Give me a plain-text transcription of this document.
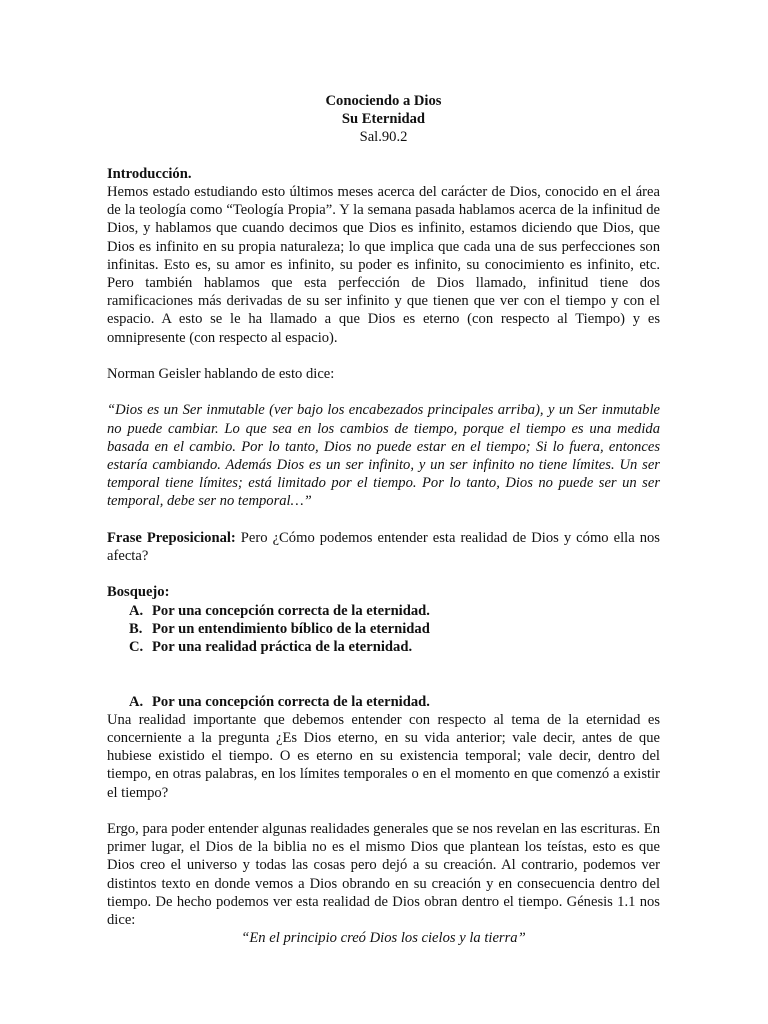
Conociendo a Dios

Su Eternidad

Sal.90.2

Introducción.

Hemos estado estudiando esto últimos meses acerca del carácter de Dios, conocido en el área de la teología como “Teología Propia”. Y la semana pasada hablamos acerca de la infinitud de Dios, y hablamos que cuando decimos que Dios es infinito, estamos diciendo que Dios, que Dios es infinito en su propia naturaleza; lo que implica que cada una de sus perfecciones son infinitas. Esto es, su amor es infinito, su poder es infinito, su conocimiento es infinito, etc. Pero también hablamos que esta perfección de Dios llamado, infinitud tiene dos ramificaciones más derivadas de su ser infinito y que tienen que ver con el tiempo y con el espacio. A esto se le ha llamado a que Dios es eterno (con respecto al Tiempo) y es omnipresente (con respecto al espacio).

Norman Geisler hablando de esto dice:

“Dios es un Ser inmutable (ver bajo los encabezados principales arriba), y un Ser inmutable no puede cambiar. Lo que sea en los cambios de tiempo, porque el tiempo es una medida basada en el cambio. Por lo tanto, Dios no puede estar en el tiempo; Si lo fuera, entonces estaría cambiando. Además Dios es un ser infinito, y un ser infinito no tiene límites. Un ser temporal tiene límites; está limitado por el tiempo. Por lo tanto, Dios no puede ser un ser temporal, debe ser no temporal…”

Frase Preposicional: Pero ¿Cómo podemos entender esta realidad de Dios y cómo ella nos afecta?

Bosquejo:

A. Por una concepción correcta de la eternidad.
B. Por un entendimiento bíblico de la eternidad
C. Por una realidad práctica de la eternidad.

A. Por una concepción correcta de la eternidad.

Una realidad importante que debemos entender con respecto al tema de la eternidad es concerniente a la pregunta ¿Es Dios eterno, en su vida anterior; vale decir, antes de que hubiese existido el tiempo. O es eterno en su existencia temporal; vale decir, dentro del tiempo, en otras palabras, en los límites temporales o en el momento en que comenzó a existir el tiempo?

Ergo, para poder entender algunas realidades generales que se nos revelan en las escrituras. En primer lugar, el Dios de la biblia no es el mismo Dios que plantean los teístas, esto es que Dios creo el universo y todas las cosas pero dejó a su creación. Al contrario, podemos ver distintos texto en donde vemos a Dios obrando en su creación y en consecuencia dentro del tiempo. De hecho podemos ver esta realidad de Dios obran dentro el tiempo. Génesis 1.1 nos dice:

“En el principio creó Dios los cielos y la tierra”
